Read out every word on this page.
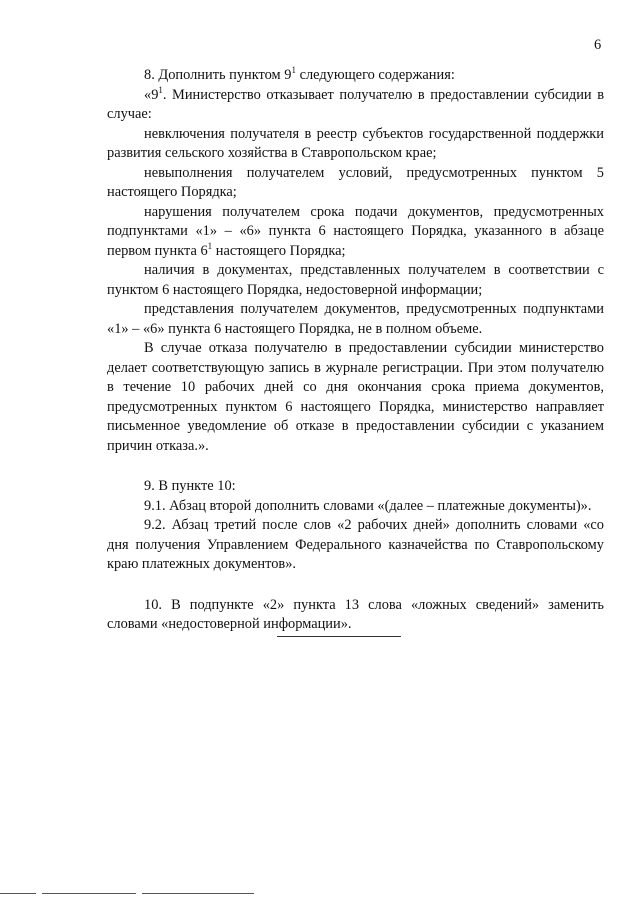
6

8. Дополнить пунктом $9^1$ следующего содержания:

«$9^1$. Министерство отказывает получателю в предоставлении субсидии в случае:

невключения получателя в реестр субъектов государственной поддержки развития сельского хозяйства в Ставропольском крае;

невыполнения получателем условий, предусмотренных пунктом 5 настоящего Порядка;

нарушения получателем срока подачи документов, предусмотренных подпунктами «1» – «6» пункта 6 настоящего Порядка, указанного в абзаце первом пункта $6^1$ настоящего Порядка;

наличия в документах, представленных получателем в соответствии с пунктом 6 настоящего Порядка, недостоверной информации;

представления получателем документов, предусмотренных подпунктами «1» – «6» пункта 6 настоящего Порядка, не в полном объеме.

В случае отказа получателю в предоставлении субсидии министерство делает соответствующую запись в журнале регистрации. При этом получателю в течение 10 рабочих дней со дня окончания срока приема документов, предусмотренных пунктом 6 настоящего Порядка, министерство направляет письменное уведомление об отказе в предоставлении субсидии с указанием причин отказа.».

9. В пункте 10:

9.1. Абзац второй дополнить словами «(далее – платежные документы)».

9.2. Абзац третий после слов «2 рабочих дней» дополнить словами «со дня получения Управлением Федерального казначейства по Ставропольскому краю платежных документов».

10. В подпункте «2» пункта 13 слова «ложных сведений» заменить словами «недостоверной информации».
